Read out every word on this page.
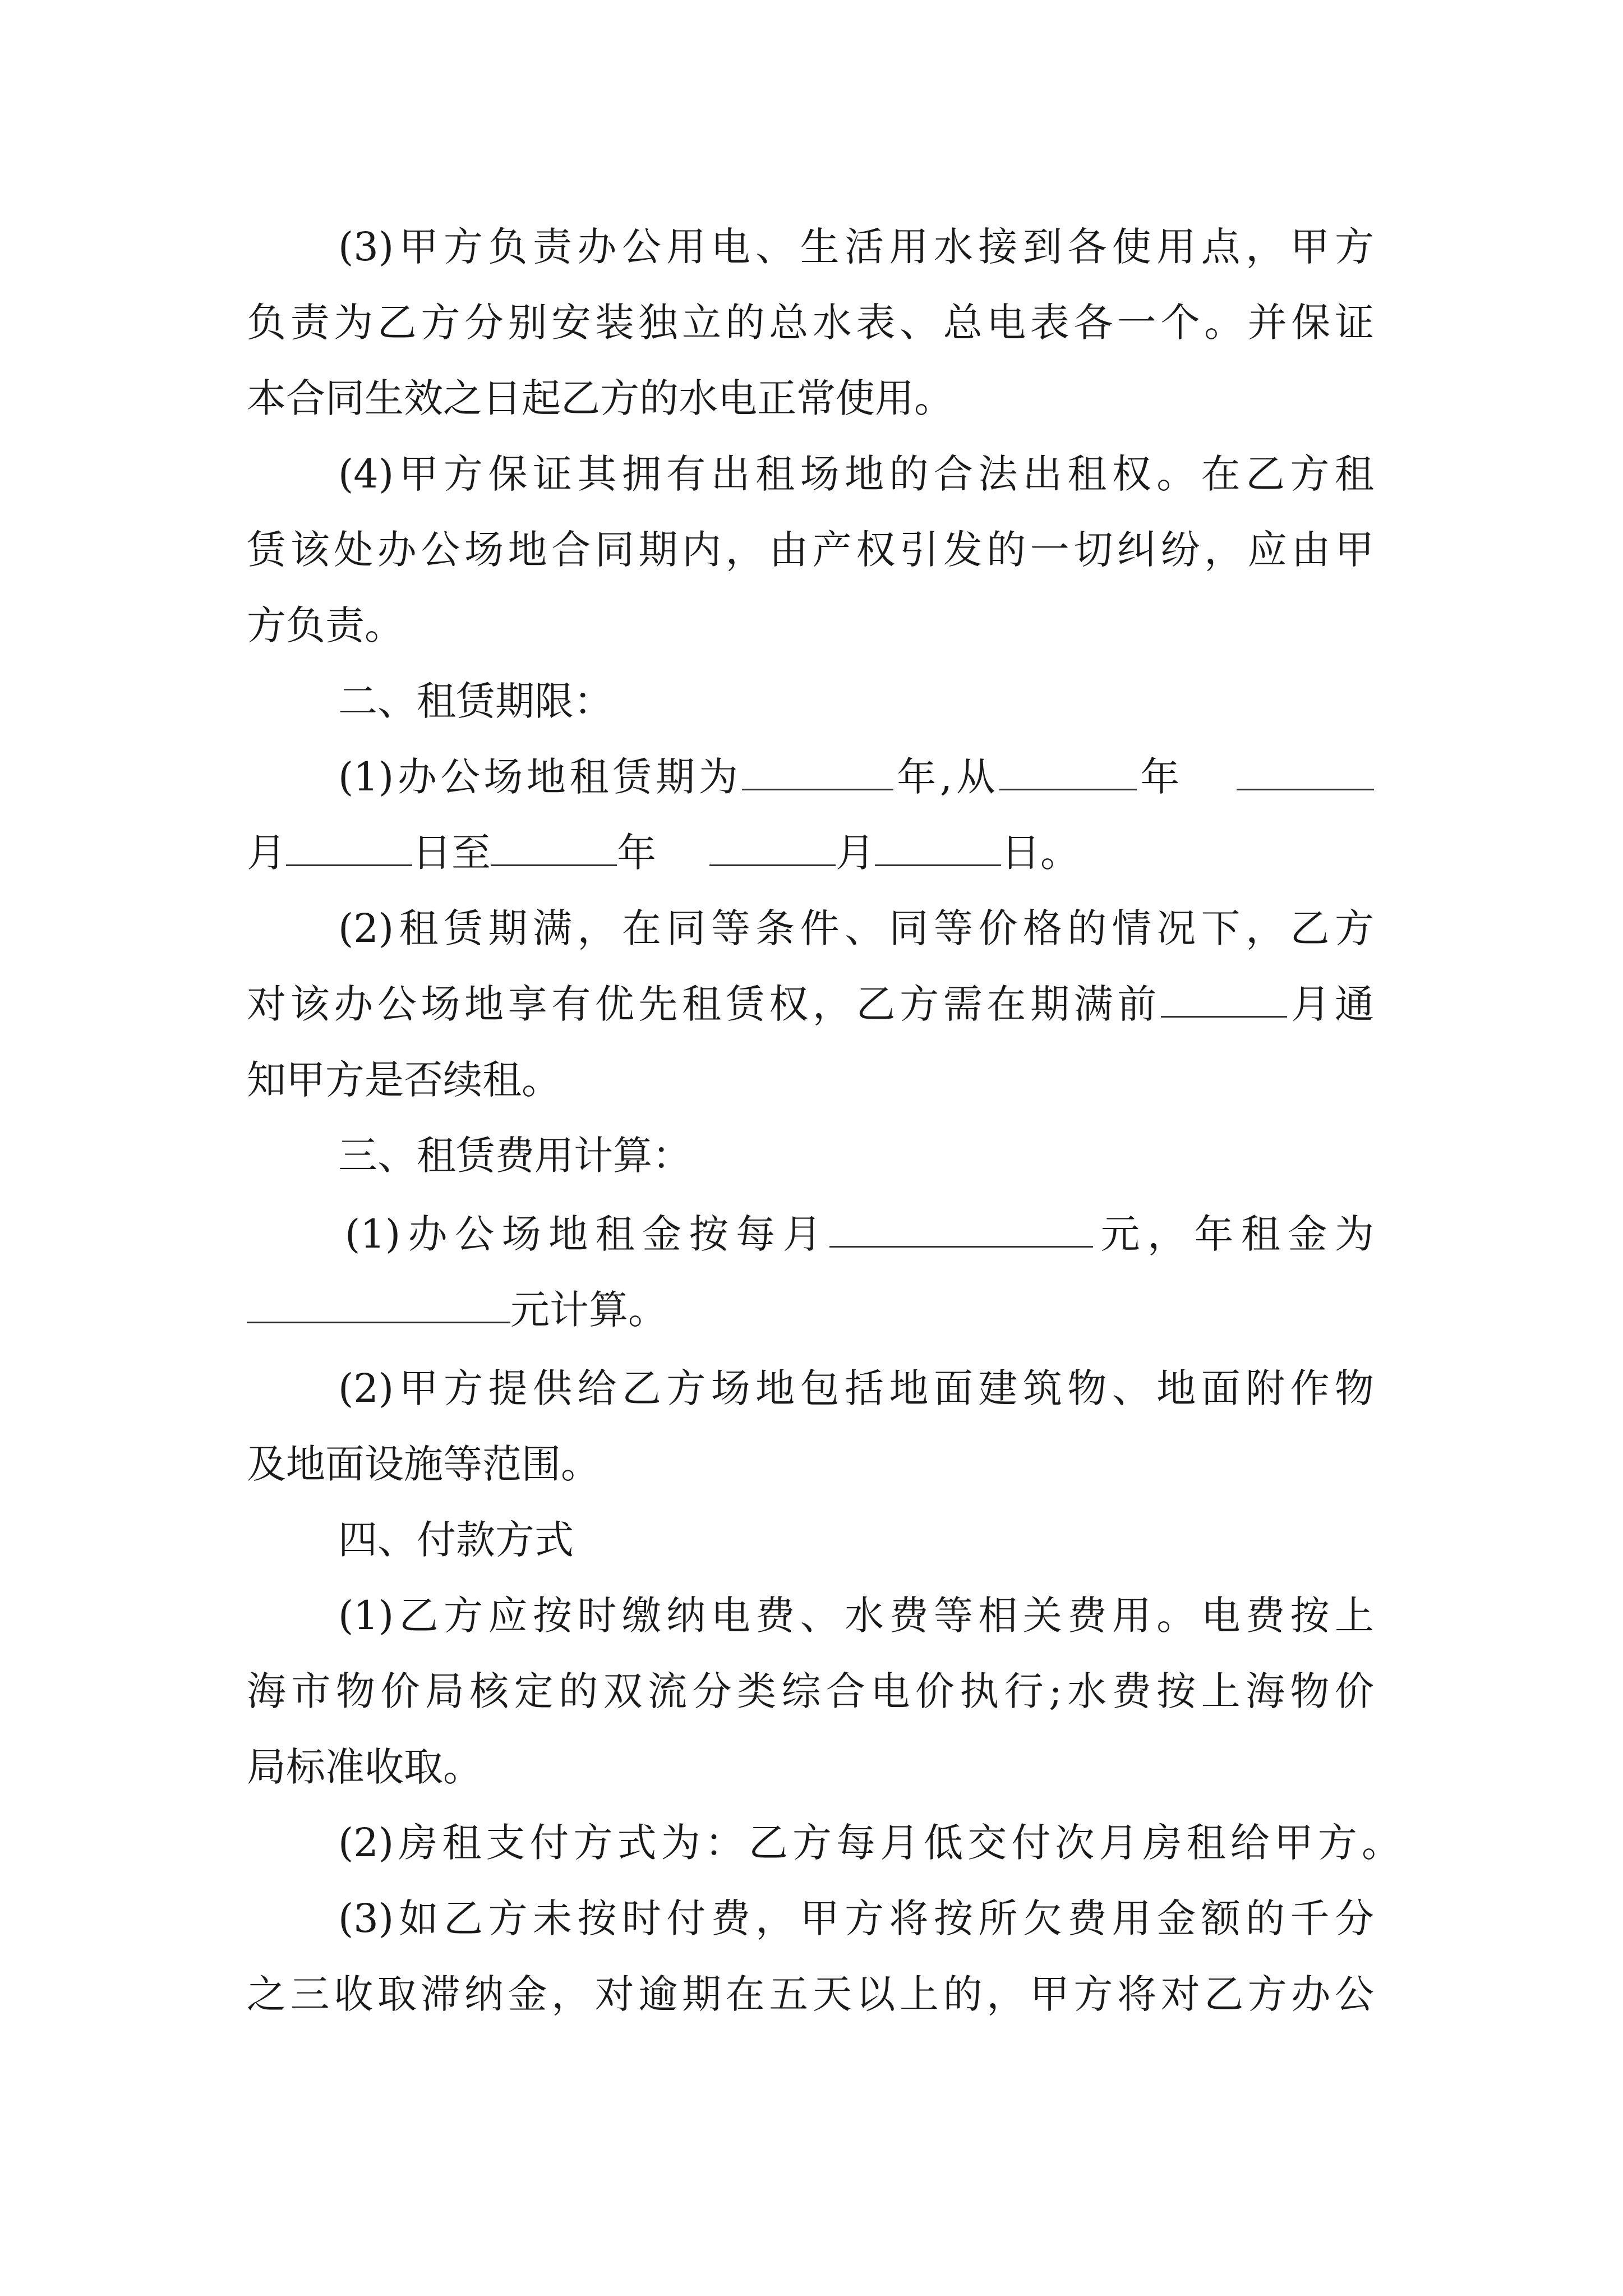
(3)甲方负责办公用电、生活用水接到各使用点，甲方

负责为乙方分别安装独立的总水表、总电表各一个。并保证

本合同生效之日起乙方的水电正常使用。

(4)甲方保证其拥有出租场地的合法出租权。在乙方租

赁该处办公场地合同期内，由产权引发的一切纠纷，应由甲

方负责。

二、租赁期限：

(1)办公场地租赁期为	年,从	年

月	日至	年	月	日。

(2)租赁期满，在同等条件、同等价格的情况下，乙方

对该办公场地享有优先租赁权，乙方需在期满前	月通

知甲方是否续租。

三、租赁费用计算：

(1)办公场地租金按每月	元，年租金为

元计算。

(2)甲方提供给乙方场地包括地面建筑物、地面附作物

及地面设施等范围。

四、付款方式

(1)乙方应按时缴纳电费、水费等相关费用。电费按上

海市物价局核定的双流分类综合电价执行;水费按上海物价

局标准收取。

(2)房租支付方式为：乙方每月低交付次月房租给甲方。

(3)如乙方未按时付费，甲方将按所欠费用金额的千分

之三收取滞纳金，对逾期在五天以上的，甲方将对乙方办公
